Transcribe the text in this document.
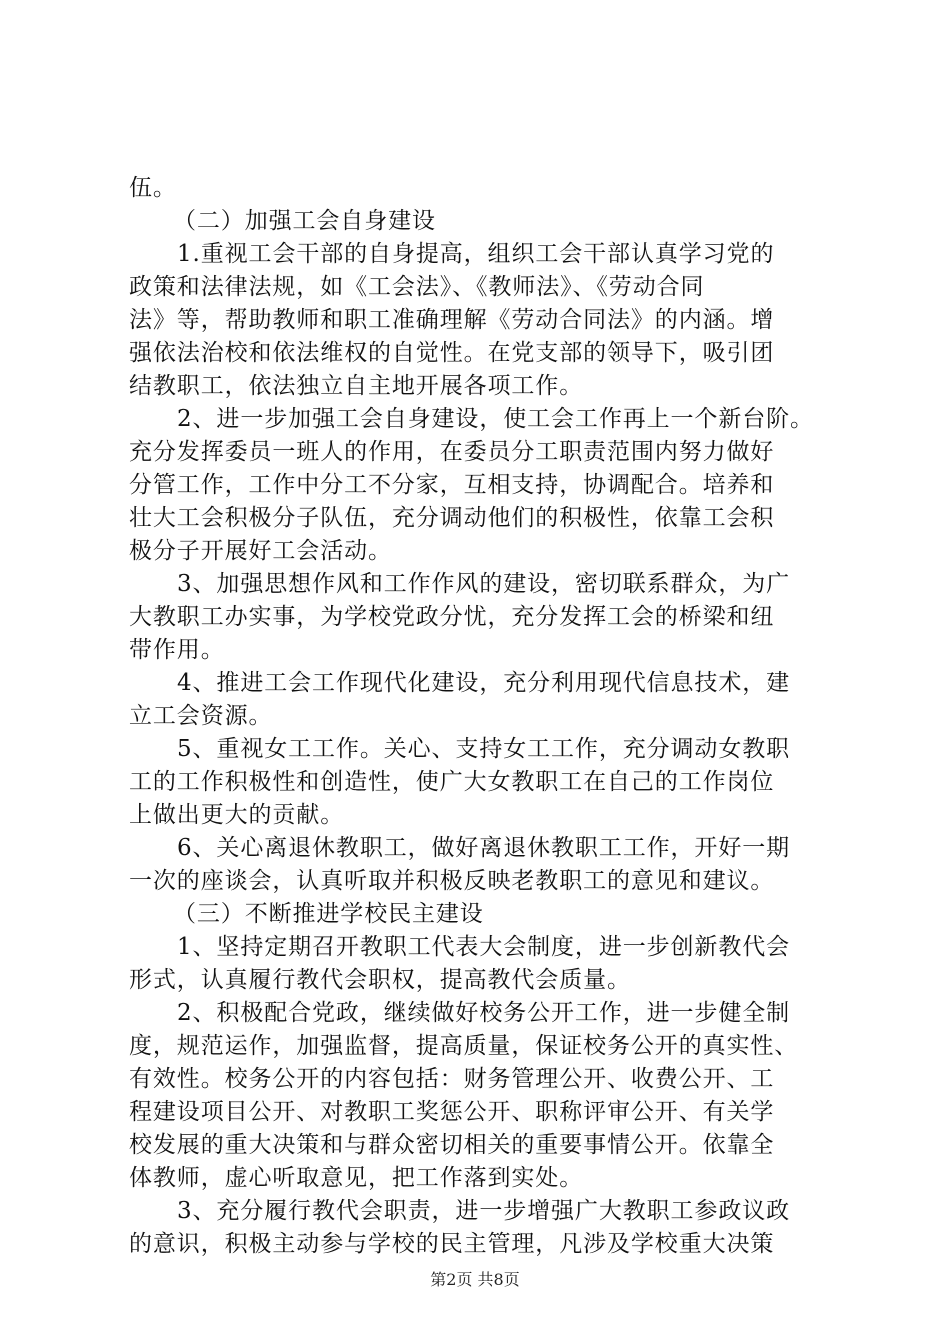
伍。
（二）加强工会自身建设
1.重视工会干部的自身提高，组织工会干部认真学习党的
政策和法律法规，如《工会法》、《教师法》、《劳动合同
法》等，帮助教师和职工准确理解《劳动合同法》的内涵。增
强依法治校和依法维权的自觉性。在党支部的领导下，吸引团
结教职工，依法独立自主地开展各项工作。
2、进一步加强工会自身建设，使工会工作再上一个新台阶。
充分发挥委员一班人的作用，在委员分工职责范围内努力做好
分管工作，工作中分工不分家，互相支持，协调配合。培养和
壮大工会积极分子队伍，充分调动他们的积极性，依靠工会积
极分子开展好工会活动。
3、加强思想作风和工作作风的建设，密切联系群众，为广
大教职工办实事，为学校党政分忧，充分发挥工会的桥梁和纽
带作用。
4、推进工会工作现代化建设，充分利用现代信息技术，建
立工会资源。
5、重视女工工作。关心、支持女工工作，充分调动女教职
工的工作积极性和创造性，使广大女教职工在自己的工作岗位
上做出更大的贡献。
6、关心离退休教职工，做好离退休教职工工作，开好一期
一次的座谈会，认真听取并积极反映老教职工的意见和建议。
（三）不断推进学校民主建设
1、坚持定期召开教职工代表大会制度，进一步创新教代会
形式，认真履行教代会职权，提高教代会质量。
2、积极配合党政，继续做好校务公开工作，进一步健全制
度，规范运作，加强监督，提高质量，保证校务公开的真实性、
有效性。校务公开的内容包括：财务管理公开、收费公开、工
程建设项目公开、对教职工奖惩公开、职称评审公开、有关学
校发展的重大决策和与群众密切相关的重要事情公开。依靠全
体教师，虚心听取意见，把工作落到实处。
3、充分履行教代会职责，进一步增强广大教职工参政议政
的意识，积极主动参与学校的民主管理，凡涉及学校重大决策
第2页 共8页
